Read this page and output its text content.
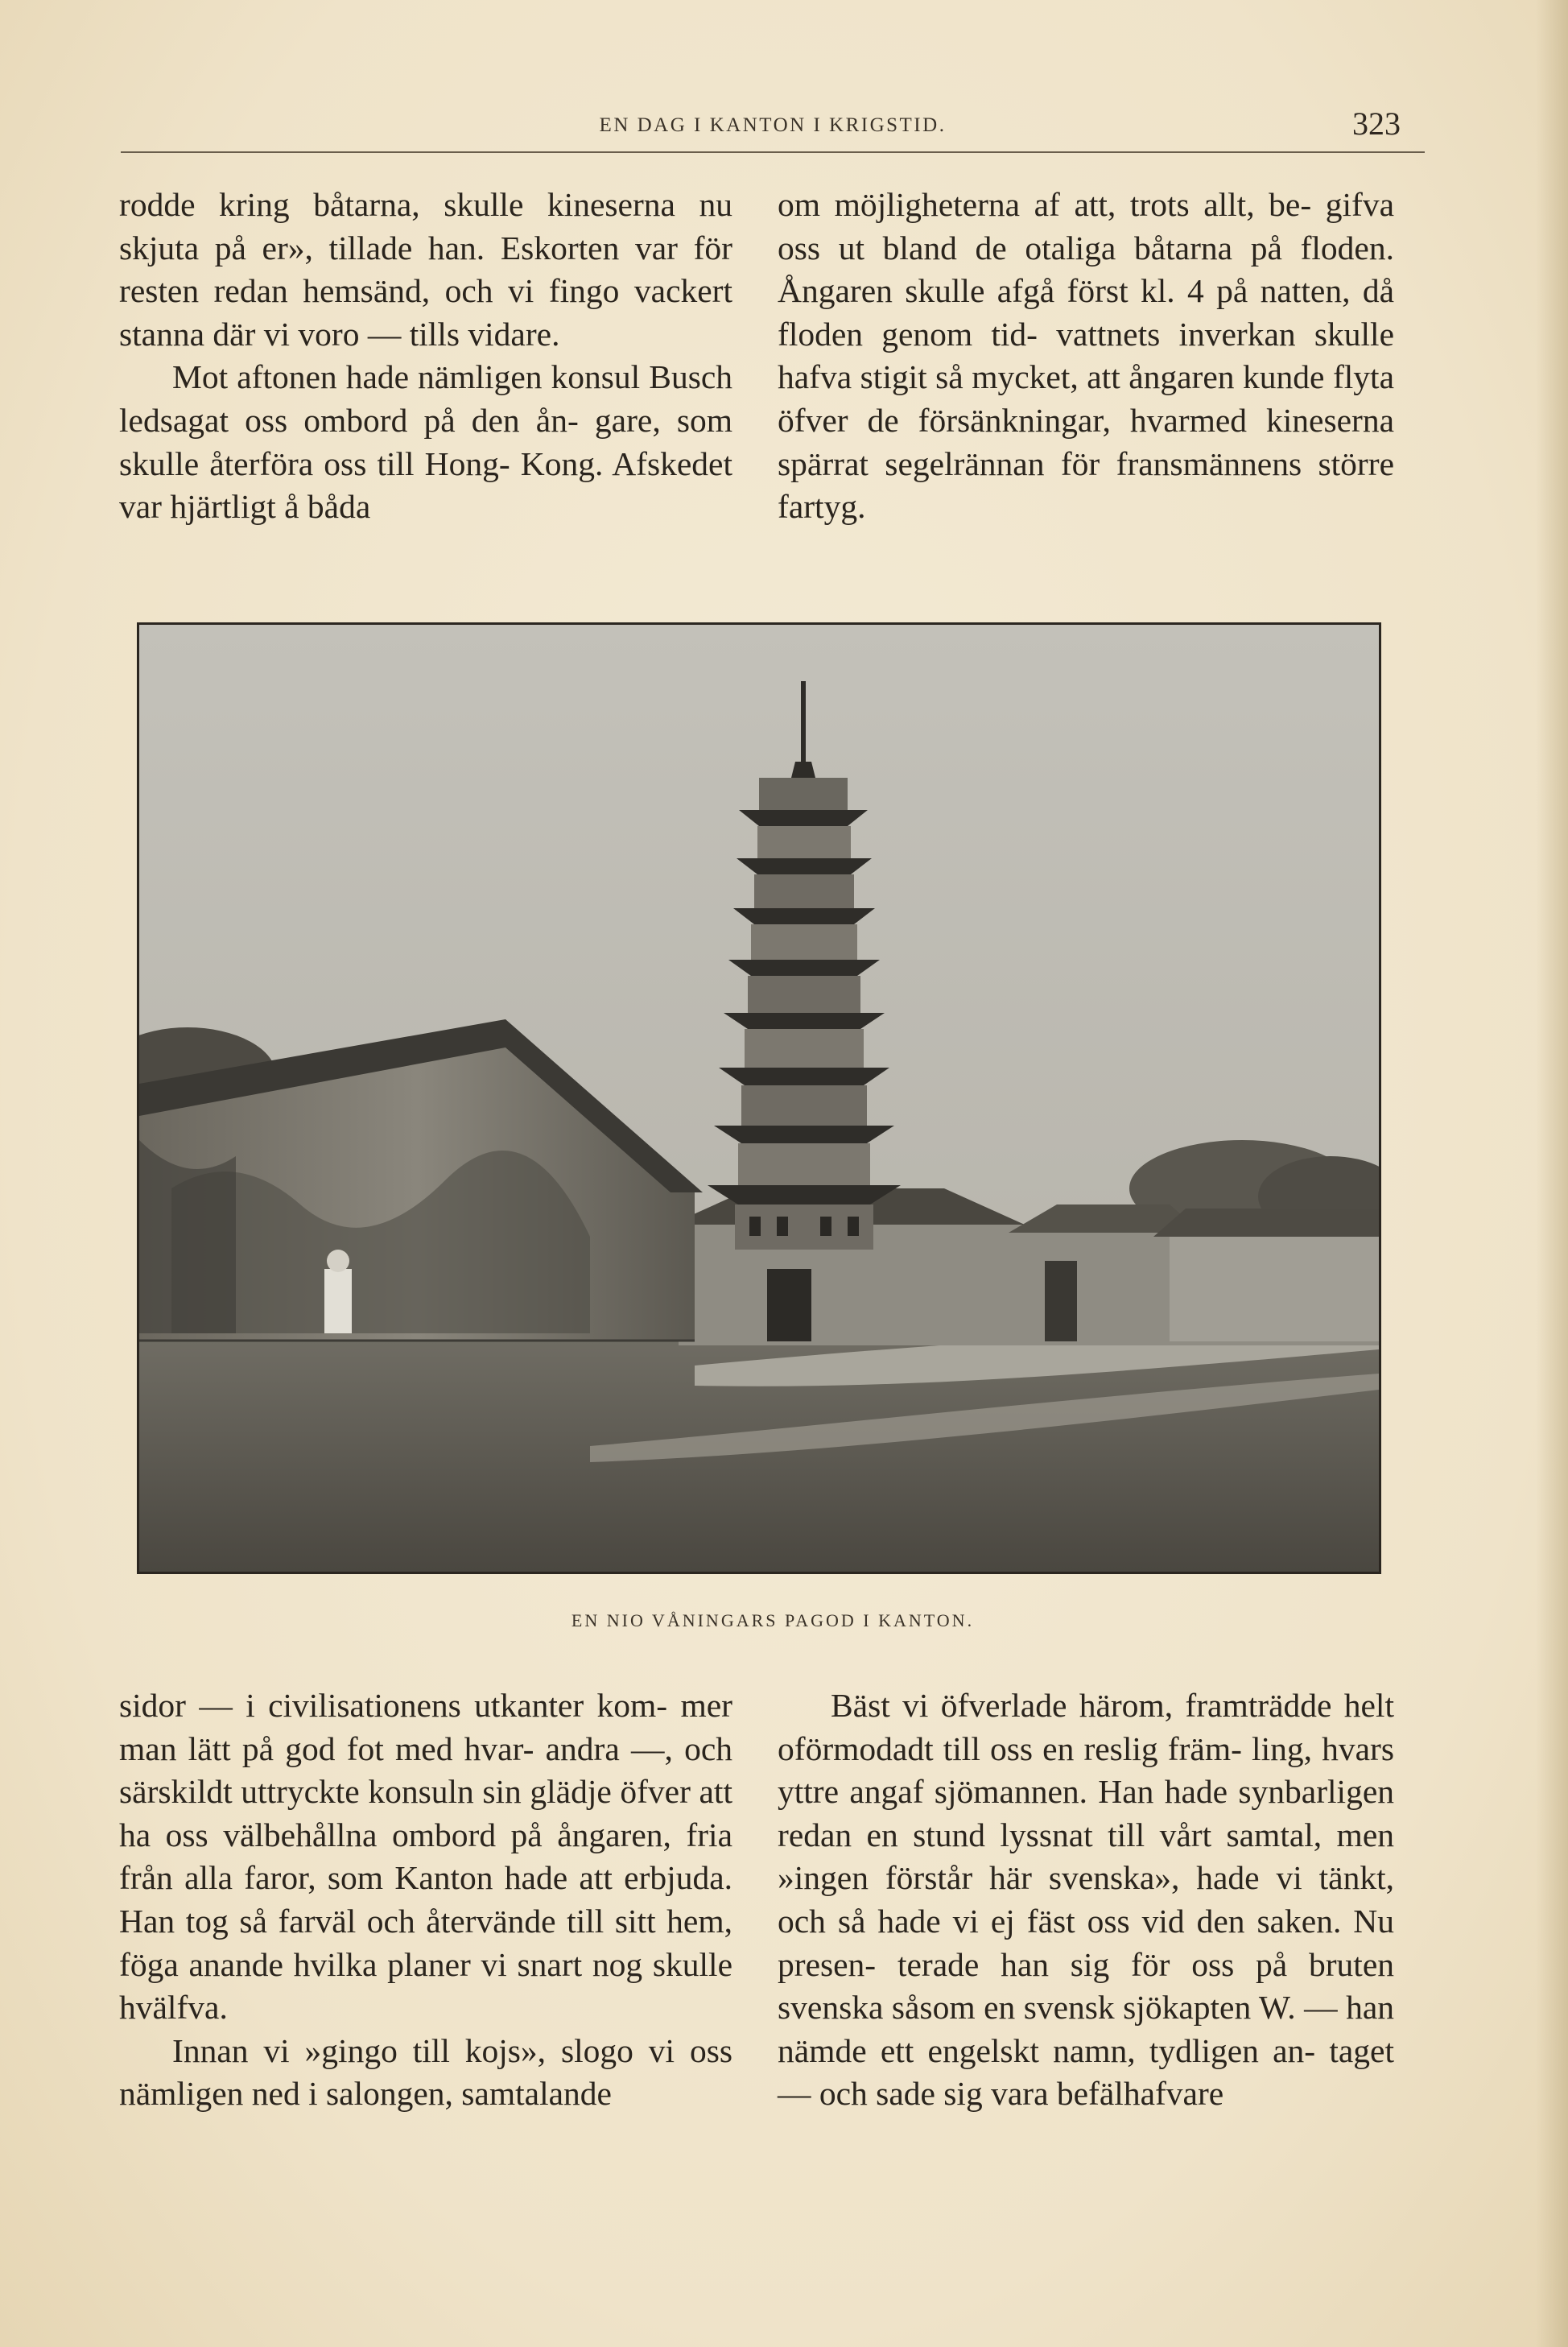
EN DAG I KANTON I KRIGSTID.	323

rodde kring båtarna, skulle kineserna nu skjuta på er», tillade han. Eskorten var för resten redan hemsänd, och vi fingo vackert stanna där vi voro — tills vidare.

Mot aftonen hade nämligen konsul Busch ledsagat oss ombord på den ån- gare, som skulle återföra oss till Hong- Kong. Afskedet var hjärtligt å båda

om möjligheterna af att, trots allt, be- gifva oss ut bland de otaliga båtarna på floden. Ångaren skulle afgå först kl. 4 på natten, då floden genom tid- vattnets inverkan skulle hafva stigit så mycket, att ångaren kunde flyta öfver de försänkningar, hvarmed kineserna spärrat segelrännan för fransmännens större fartyg.

EN NIO VÅNINGARS PAGOD I KANTON.

sidor — i civilisationens utkanter kom- mer man lätt på god fot med hvar- andra —, och särskildt uttryckte konsuln sin glädje öfver att ha oss välbehållna ombord på ångaren, fria från alla faror, som Kanton hade att erbjuda. Han tog så farväl och återvände till sitt hem, föga anande hvilka planer vi snart nog skulle hvälfva.

Innan vi »gingo till kojs», slogo vi oss nämligen ned i salongen, samtalande

Bäst vi öfverlade härom, framträdde helt oförmodadt till oss en reslig främ- ling, hvars yttre angaf sjömannen. Han hade synbarligen redan en stund lyssnat till vårt samtal, men »ingen förstår här svenska», hade vi tänkt, och så hade vi ej fäst oss vid den saken. Nu presen- terade han sig för oss på bruten svenska såsom en svensk sjökapten W. — han nämde ett engelskt namn, tydligen an- taget — och sade sig vara befälhafvare
